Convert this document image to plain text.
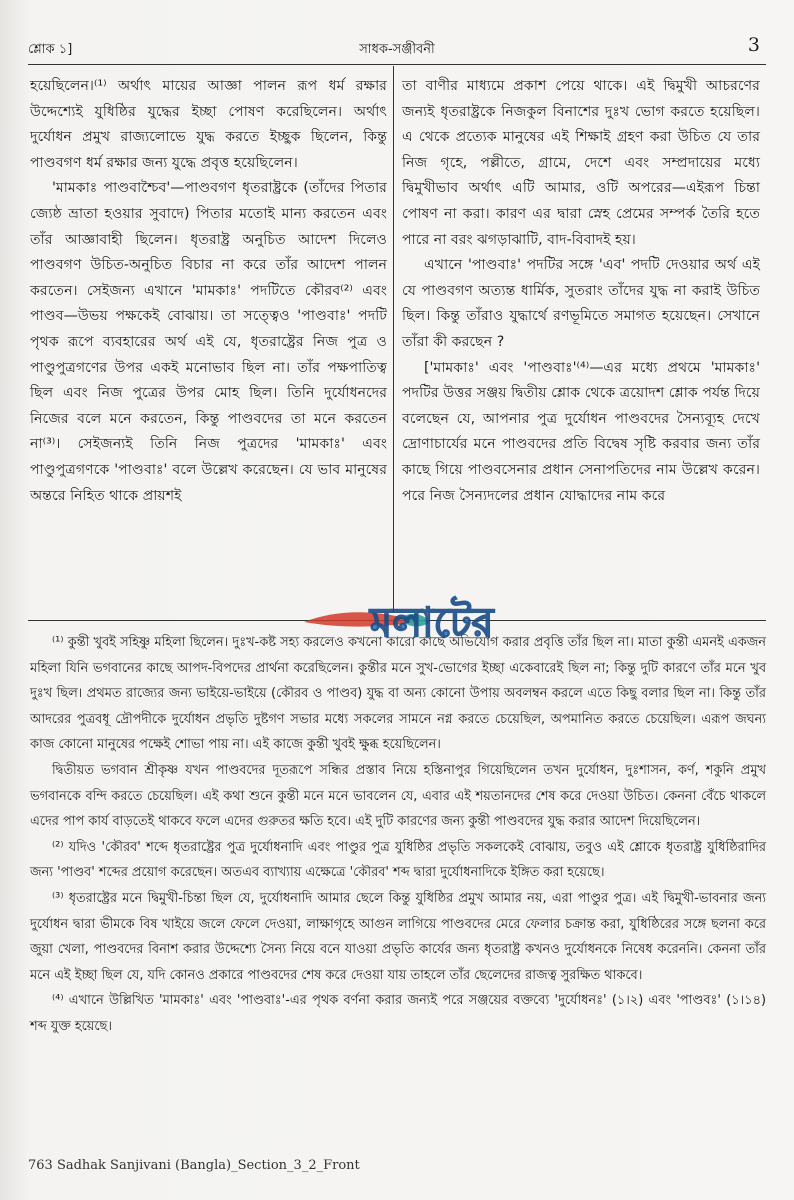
শ্লোক ১]	সাধক-সঞ্জীবনী	3

হয়েছিলেন।⁽¹⁾ অর্থাৎ মায়ের আজ্ঞা পালন রূপ ধর্ম রক্ষার উদ্দেশ্যেই যুধিষ্ঠির যুদ্ধের ইচ্ছা পোষণ করেছিলেন। অর্থাৎ দুর্যোধন প্রমুখ রাজ্যলোভে যুদ্ধ করতে ইচ্ছুক ছিলেন, কিন্তু পাণ্ডবগণ ধর্ম রক্ষার জন্য যুদ্ধে প্রবৃত্ত হয়েছিলেন।

'মামকাঃ পাণ্ডবাশ্চৈব'—পাণ্ডবগণ ধৃতরাষ্ট্রকে (তাঁদের পিতার জ্যেষ্ঠ ভ্রাতা হওয়ার সুবাদে) পিতার মতোই মান্য করতেন এবং তাঁর আজ্ঞাবাহী ছিলেন। ধৃতরাষ্ট্র অনুচিত আদেশ দিলেও পাণ্ডবগণ উচিত-অনুচিত বিচার না করে তাঁর আদেশ পালন করতেন। সেইজন্য এখানে 'মামকাঃ' পদটিতে কৌরব⁽²⁾ এবং পাণ্ডব—উভয় পক্ষকেই বোঝায়। তা সত্ত্বেও 'পাণ্ডবাঃ' পদটি পৃথক রূপে ব্যবহারের অর্থ এই যে, ধৃতরাষ্ট্রের নিজ পুত্র ও পাণ্ডুপুত্রগণের উপর একই মনোভাব ছিল না। তাঁর পক্ষপাতিত্ব ছিল এবং নিজ পুত্রের উপর মোহ ছিল। তিনি দুর্যোধনদের নিজের বলে মনে করতেন, কিন্তু পাণ্ডবদের তা মনে করতেন না⁽³⁾। সেইজন্যই তিনি নিজ পুত্রদের 'মামকাঃ' এবং পাণ্ডুপুত্রগণকে 'পাণ্ডবাঃ' বলে উল্লেখ করেছেন। যে ভাব মানুষের অন্তরে নিহিত থাকে প্রায়শই

তা বাণীর মাধ্যমে প্রকাশ পেয়ে থাকে। এই দ্বিমুখী আচরণের জন্যই ধৃতরাষ্ট্রকে নিজকুল বিনাশের দুঃখ ভোগ করতে হয়েছিল। এ থেকে প্রত্যেক মানুষের এই শিক্ষাই গ্রহণ করা উচিত যে তার নিজ গৃহে, পল্লীতে, গ্রামে, দেশে এবং সম্প্রদায়ের মধ্যে দ্বিমুখীভাব অর্থাৎ এটি আমার, ওটি অপরের—এইরূপ চিন্তা পোষণ না করা। কারণ এর দ্বারা স্নেহ প্রেমের সম্পর্ক তৈরি হতে পারে না বরং ঝগড়াঝাটি, বাদ-বিবাদই হয়।

এখানে 'পাণ্ডবাঃ' পদটির সঙ্গে 'এব' পদটি দেওয়ার অর্থ এই যে পাণ্ডবগণ অত্যন্ত ধার্মিক, সুতরাং তাঁদের যুদ্ধ না করাই উচিত ছিল। কিন্তু তাঁরাও যুদ্ধার্থে রণভূমিতে সমাগত হয়েছেন। সেখানে তাঁরা কী করছেন ?

['মামকাঃ' এবং 'পাণ্ডবাঃ'⁽⁴⁾—এর মধ্যে প্রথমে 'মামকাঃ' পদটির উত্তর সঞ্জয় দ্বিতীয় শ্লোক থেকে ত্রয়োদশ শ্লোক পর্যন্ত দিয়ে বলেছেন যে, আপনার পুত্র দুর্যোধন পাণ্ডবদের সৈন্যব্যূহ দেখে দ্রোণাচার্যের মনে পাণ্ডবদের প্রতি বিদ্বেষ সৃষ্টি করবার জন্য তাঁর কাছে গিয়ে পাণ্ডবসেনার প্রধান সেনাপতিদের নাম উল্লেখ করেন। পরে নিজ সৈন্যদলের প্রধান যোদ্ধাদের নাম করে

⁽¹⁾ কুন্তী খুবই সহিষ্ণু মহিলা ছিলেন। দুঃখ-কষ্ট সহ্য করলেও কখনো কারো কাছে অভিযোগ করার প্রবৃত্তি তাঁর ছিল না। মাতা কুন্তী এমনই একজন মহিলা যিনি ভগবানের কাছে আপদ-বিপদের প্রার্থনা করেছিলেন। কুন্তীর মনে সুখ-ভোগের ইচ্ছা একেবারেই ছিল না; কিন্তু দুটি কারণে তাঁর মনে খুব দুঃখ ছিল। প্রথমত রাজ্যের জন্য ভাইয়ে-ভাইয়ে (কৌরব ও পাণ্ডব) যুদ্ধ বা অন্য কোনো উপায় অবলম্বন করলে এতে কিছু বলার ছিল না। কিন্তু তাঁর আদরের পুত্রবধূ দ্রৌপদীকে দুর্যোধন প্রভৃতি দুষ্টগণ সভার মধ্যে সকলের সামনে নগ্ন করতে চেয়েছিল, অপমানিত করতে চেয়েছিল। এরূপ জঘন্য কাজ কোনো মানুষের পক্ষেই শোভা পায় না। এই কাজে কুন্তী খুবই ক্ষুব্ধ হয়েছিলেন।

দ্বিতীয়ত ভগবান শ্রীকৃষ্ণ যখন পাণ্ডবদের দূতরূপে সন্ধির প্রস্তাব নিয়ে হস্তিনাপুর গিয়েছিলেন তখন দুর্যোধন, দুঃশাসন, কর্ণ, শকুনি প্রমুখ ভগবানকে বন্দি করতে চেয়েছিল। এই কথা শুনে কুন্তী মনে মনে ভাবলেন যে, এবার এই শয়তানদের শেষ করে দেওয়া উচিত। কেননা বেঁচে থাকলে এদের পাপ কার্য বাড়তেই থাকবে ফলে এদের গুরুতর ক্ষতি হবে। এই দুটি কারণের জন্য কুন্তী পাণ্ডবদের যুদ্ধ করার আদেশ দিয়েছিলেন।

⁽²⁾ যদিও 'কৌরব' শব্দে ধৃতরাষ্ট্রের পুত্র দুর্যোধনাদি এবং পাণ্ডুর পুত্র যুধিষ্ঠির প্রভৃতি সকলকেই বোঝায়, তবুও এই শ্লোকে ধৃতরাষ্ট্র যুধিষ্ঠিরাদির জন্য 'পাণ্ডব' শব্দের প্রয়োগ করেছেন। অতএব ব্যাখ্যায় এক্ষেত্রে 'কৌরব' শব্দ দ্বারা দুর্যোধনাদিকে ইঙ্গিত করা হয়েছে।

⁽³⁾ ধৃতরাষ্ট্রের মনে দ্বিমুখী-চিন্তা ছিল যে, দুর্যোধনাদি আমার ছেলে কিন্তু যুধিষ্ঠির প্রমুখ আমার নয়, এরা পাণ্ডুর পুত্র। এই দ্বিমুখী-ভাবনার জন্য দুর্যোধন দ্বারা ভীমকে বিষ খাইয়ে জলে ফেলে দেওয়া, লাক্ষাগৃহে আগুন লাগিয়ে পাণ্ডবদের মেরে ফেলার চক্রান্ত করা, যুধিষ্ঠিরের সঙ্গে ছলনা করে জুয়া খেলা, পাণ্ডবদের বিনাশ করার উদ্দেশ্যে সৈন্য নিয়ে বনে যাওয়া প্রভৃতি কার্যের জন্য ধৃতরাষ্ট্র কখনও দুর্যোধনকে নিষেধ করেননি। কেননা তাঁর মনে এই ইচ্ছা ছিল যে, যদি কোনও প্রকারে পাণ্ডবদের শেষ করে দেওয়া যায় তাহলে তাঁর ছেলেদের রাজত্ব সুরক্ষিত থাকবে।

⁽⁴⁾ এখানে উল্লিখিত 'মামকাঃ' এবং 'পাণ্ডবাঃ'-এর পৃথক বর্ণনা করার জন্যই পরে সঞ্জয়ের বক্তব্যে 'দুর্যোধনঃ' (১।২) এবং 'পাণ্ডবঃ' (১।১৪) শব্দ যুক্ত হয়েছে।

মলাটের
763 Sadhak Sanjivani (Bangla)_Section_3_2_Front
